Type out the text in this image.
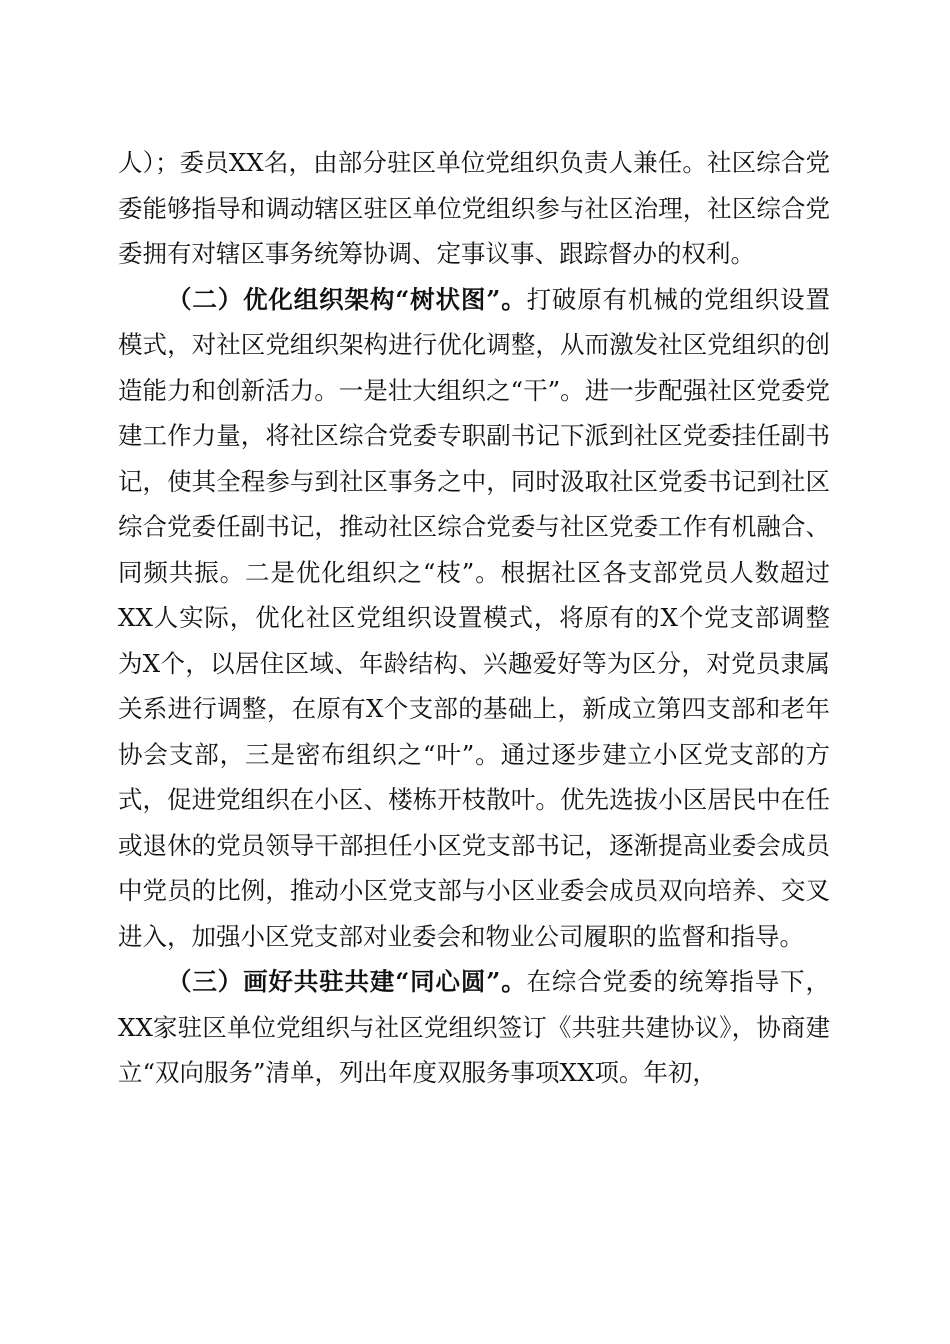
人）；委员XX名，由部分驻区单位党组织负责人兼任。社区综合党委能够指导和调动辖区驻区单位党组织参与社区治理，社区综合党委拥有对辖区事务统筹协调、定事议事、跟踪督办的权利。

（二）优化组织架构“树状图”。打破原有机械的党组织设置模式，对社区党组织架构进行优化调整，从而激发社区党组织的创造能力和创新活力。一是壮大组织之“干”。进一步配强社区党委党建工作力量，将社区综合党委专职副书记下派到社区党委挂任副书记，使其全程参与到社区事务之中，同时汲取社区党委书记到社区综合党委任副书记，推动社区综合党委与社区党委工作有机融合、同频共振。二是优化组织之“枝”。根据社区各支部党员人数超过XX人实际，优化社区党组织设置模式，将原有的X个党支部调整为X个，以居住区域、年龄结构、兴趣爱好等为区分，对党员隶属关系进行调整，在原有X个支部的基础上，新成立第四支部和老年协会支部，三是密布组织之“叶”。通过逐步建立小区党支部的方式，促进党组织在小区、楼栋开枝散叶。优先选拔小区居民中在任或退休的党员领导干部担任小区党支部书记，逐渐提高业委会成员中党员的比例，推动小区党支部与小区业委会成员双向培养、交叉进入，加强小区党支部对业委会和物业公司履职的监督和指导。

（三）画好共驻共建“同心圆”。在综合党委的统筹指导下，XX家驻区单位党组织与社区党组织签订《共驻共建协议》，协商建立“双向服务”清单，列出年度双服务事项XX项。年初，
